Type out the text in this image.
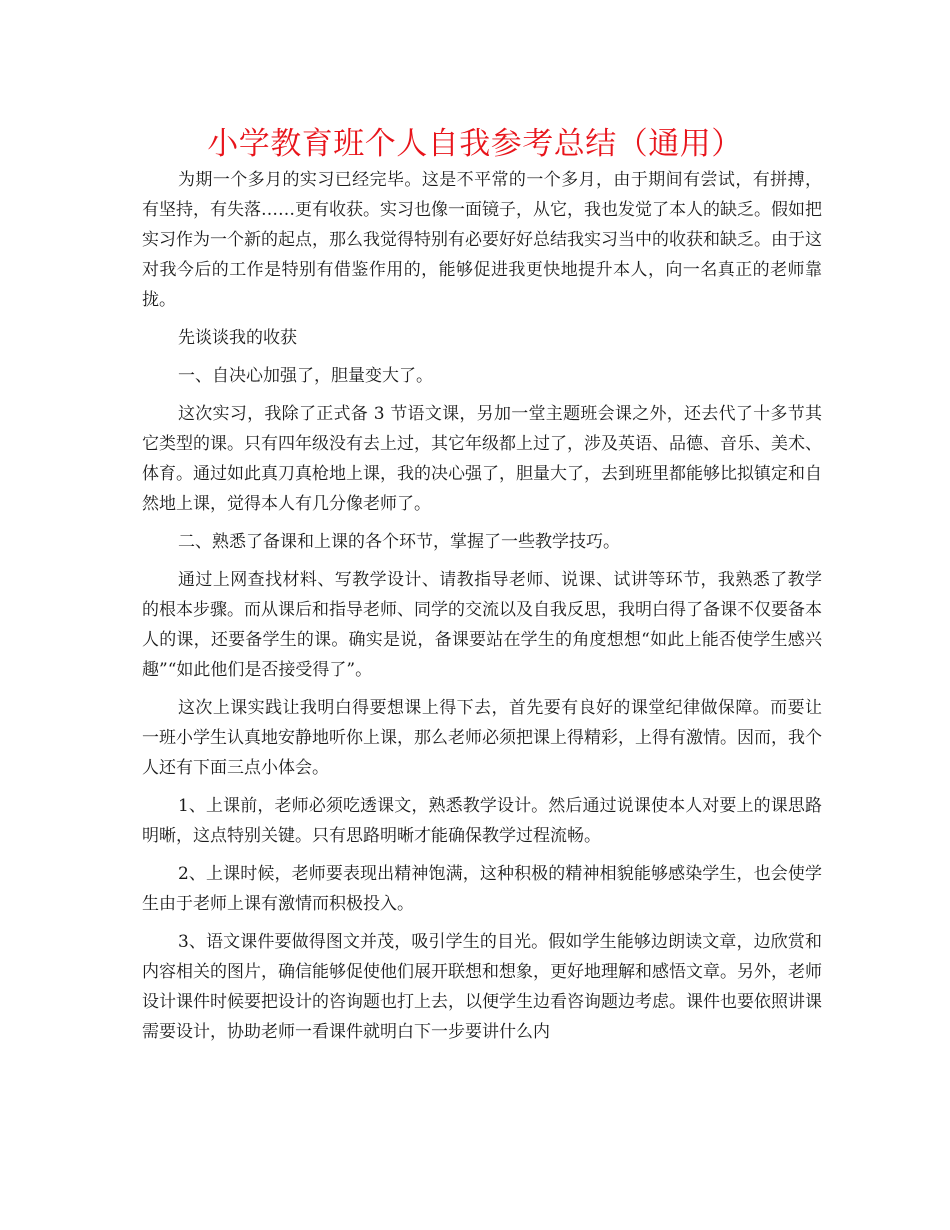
小学教育班个人自我参考总结（通用）

为期一个多月的实习已经完毕。这是不平常的一个多月，由于期间有尝试，有拼搏，有坚持，有失落……更有收获。实习也像一面镜子，从它，我也发觉了本人的缺乏。假如把实习作为一个新的起点，那么我觉得特别有必要好好总结我实习当中的收获和缺乏。由于这对我今后的工作是特别有借鉴作用的，能够促进我更快地提升本人，向一名真正的老师靠拢。

先谈谈我的收获

一、自决心加强了，胆量变大了。

这次实习，我除了正式备 3 节语文课，另加一堂主题班会课之外，还去代了十多节其它类型的课。只有四年级没有去上过，其它年级都上过了，涉及英语、品德、音乐、美术、体育。通过如此真刀真枪地上课，我的决心强了，胆量大了，去到班里都能够比拟镇定和自然地上课，觉得本人有几分像老师了。

二、熟悉了备课和上课的各个环节，掌握了一些教学技巧。

通过上网查找材料、写教学设计、请教指导老师、说课、试讲等环节，我熟悉了教学的根本步骤。而从课后和指导老师、同学的交流以及自我反思，我明白得了备课不仅要备本人的课，还要备学生的课。确实是说，备课要站在学生的角度想想“如此上能否使学生感兴趣”“如此他们是否接受得了”。

这次上课实践让我明白得要想课上得下去，首先要有良好的课堂纪律做保障。而要让一班小学生认真地安静地听你上课，那么老师必须把课上得精彩，上得有激情。因而，我个人还有下面三点小体会。

1、上课前，老师必须吃透课文，熟悉教学设计。然后通过说课使本人对要上的课思路明晰，这点特别关键。只有思路明晰才能确保教学过程流畅。

2、上课时候，老师要表现出精神饱满，这种积极的精神相貌能够感染学生，也会使学生由于老师上课有激情而积极投入。

3、语文课件要做得图文并茂，吸引学生的目光。假如学生能够边朗读文章，边欣赏和内容相关的图片，确信能够促使他们展开联想和想象，更好地理解和感悟文章。另外，老师设计课件时候要把设计的咨询题也打上去，以便学生边看咨询题边考虑。课件也要依照讲课需要设计，协助老师一看课件就明白下一步要讲什么内
